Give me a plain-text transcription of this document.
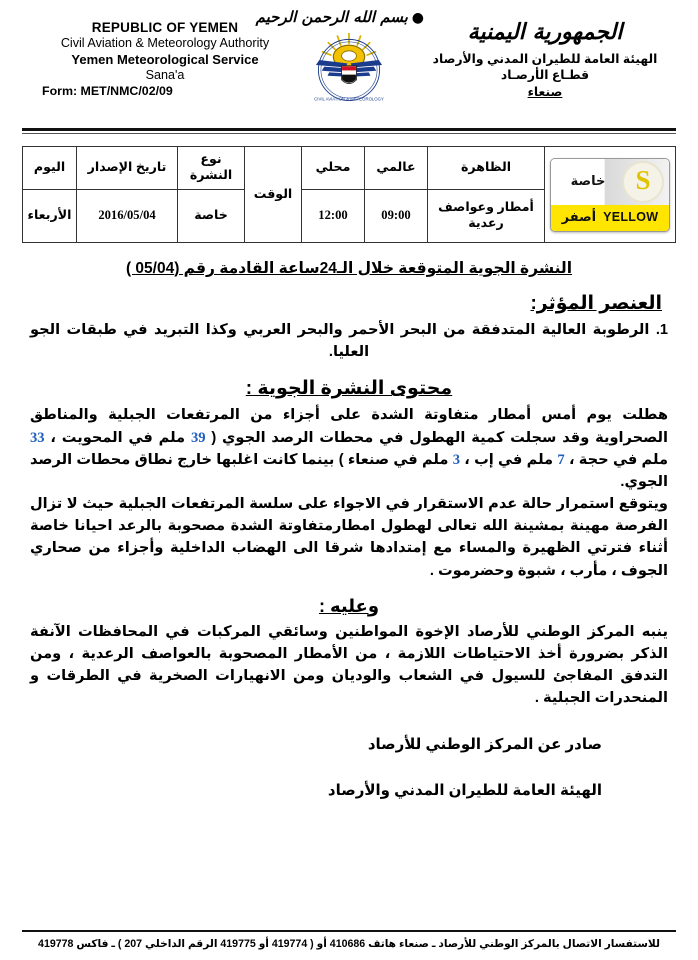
REPUBLIC OF YEMEN
Civil Aviation & Meteorology Authority
Yemen Meteorological Service
Sana'a
Form: MET/NMC/02/09
●بسم الله الرحمن الرحيم
CIVIL AVIATION & METEOROLOGY
الجمهورية اليمنية
الهيئة العامة للطيران المدني والأرصاد
قطـاع الأرصـاد
صنعاء
خاصة S
أصفر YELLOW	الظاهرة	عالمي	محلي	الوقت	نوع النشرة	تاريخ الإصدار	اليوم
	أمطار وعواصف رعدية	09:00	12:00		خاصة	2016/05/04	الأربعاء
النشرة الجوية المتوقعة خلال الـ24ساعة القادمة رقم (05/04 )
العنصر المؤثر:
1. الرطوبة العالية المتدفقة من البحر الأحمر والبحر العربي وكذا التبريد في طبقات الجو العليا.
محتوى النشرة الجوية :
هطلت يوم أمس أمطار متفاوتة الشدة على أجزاء من المرتفعات الجبلية والمناطق الصحراوية وقد سجلت كمية الهطول في محطات الرصد الجوي ( 39 ملم في المحويت ، 33 ملم في حجة ، 7 ملم في إب ، 3 ملم في صنعاء ) بينما كانت اغلبها خارج نطاق محطات الرصد الجوي.
ويتوقع استمرار حالة عدم الاستقرار في الاجواء على سلسة المرتفعات الجبلية حيث لا تزال الفرصة مهينة بمشينة الله تعالى لهطول امطارمتفاوتة الشدة مصحوبة بالرعد احيانا خاصة أثناء فترتي الظهيرة والمساء مع إمتدادها شرقا الى الهضاب الداخلية وأجزاء من صحاري الجوف ، مأرب ، شبوة وحضرموت .
وعليه :
ينبه المركز الوطني للأرصاد الإخوة المواطنين وسائقي المركبات في المحافظات الآنفة الذكر بضرورة أخذ الاحتياطات اللازمة ، من الأمطار المصحوبة بالعواصف الرعدية ، ومن التدفق المفاجئ للسيول في الشعاب والوديان ومن الانهيارات الصخرية في الطرقات و المنحدرات الجبلية .
صادر عن المركز الوطني للأرصاد
الهيئة العامة للطيران المدني والأرصاد
للاستفسار الاتصال بالمركز الوطني للأرصاد ـ صنعاء هاتف 410686 أو ( 419774 أو 419775 الرقم الداخلي 207 ) ـ فاكس 419778
